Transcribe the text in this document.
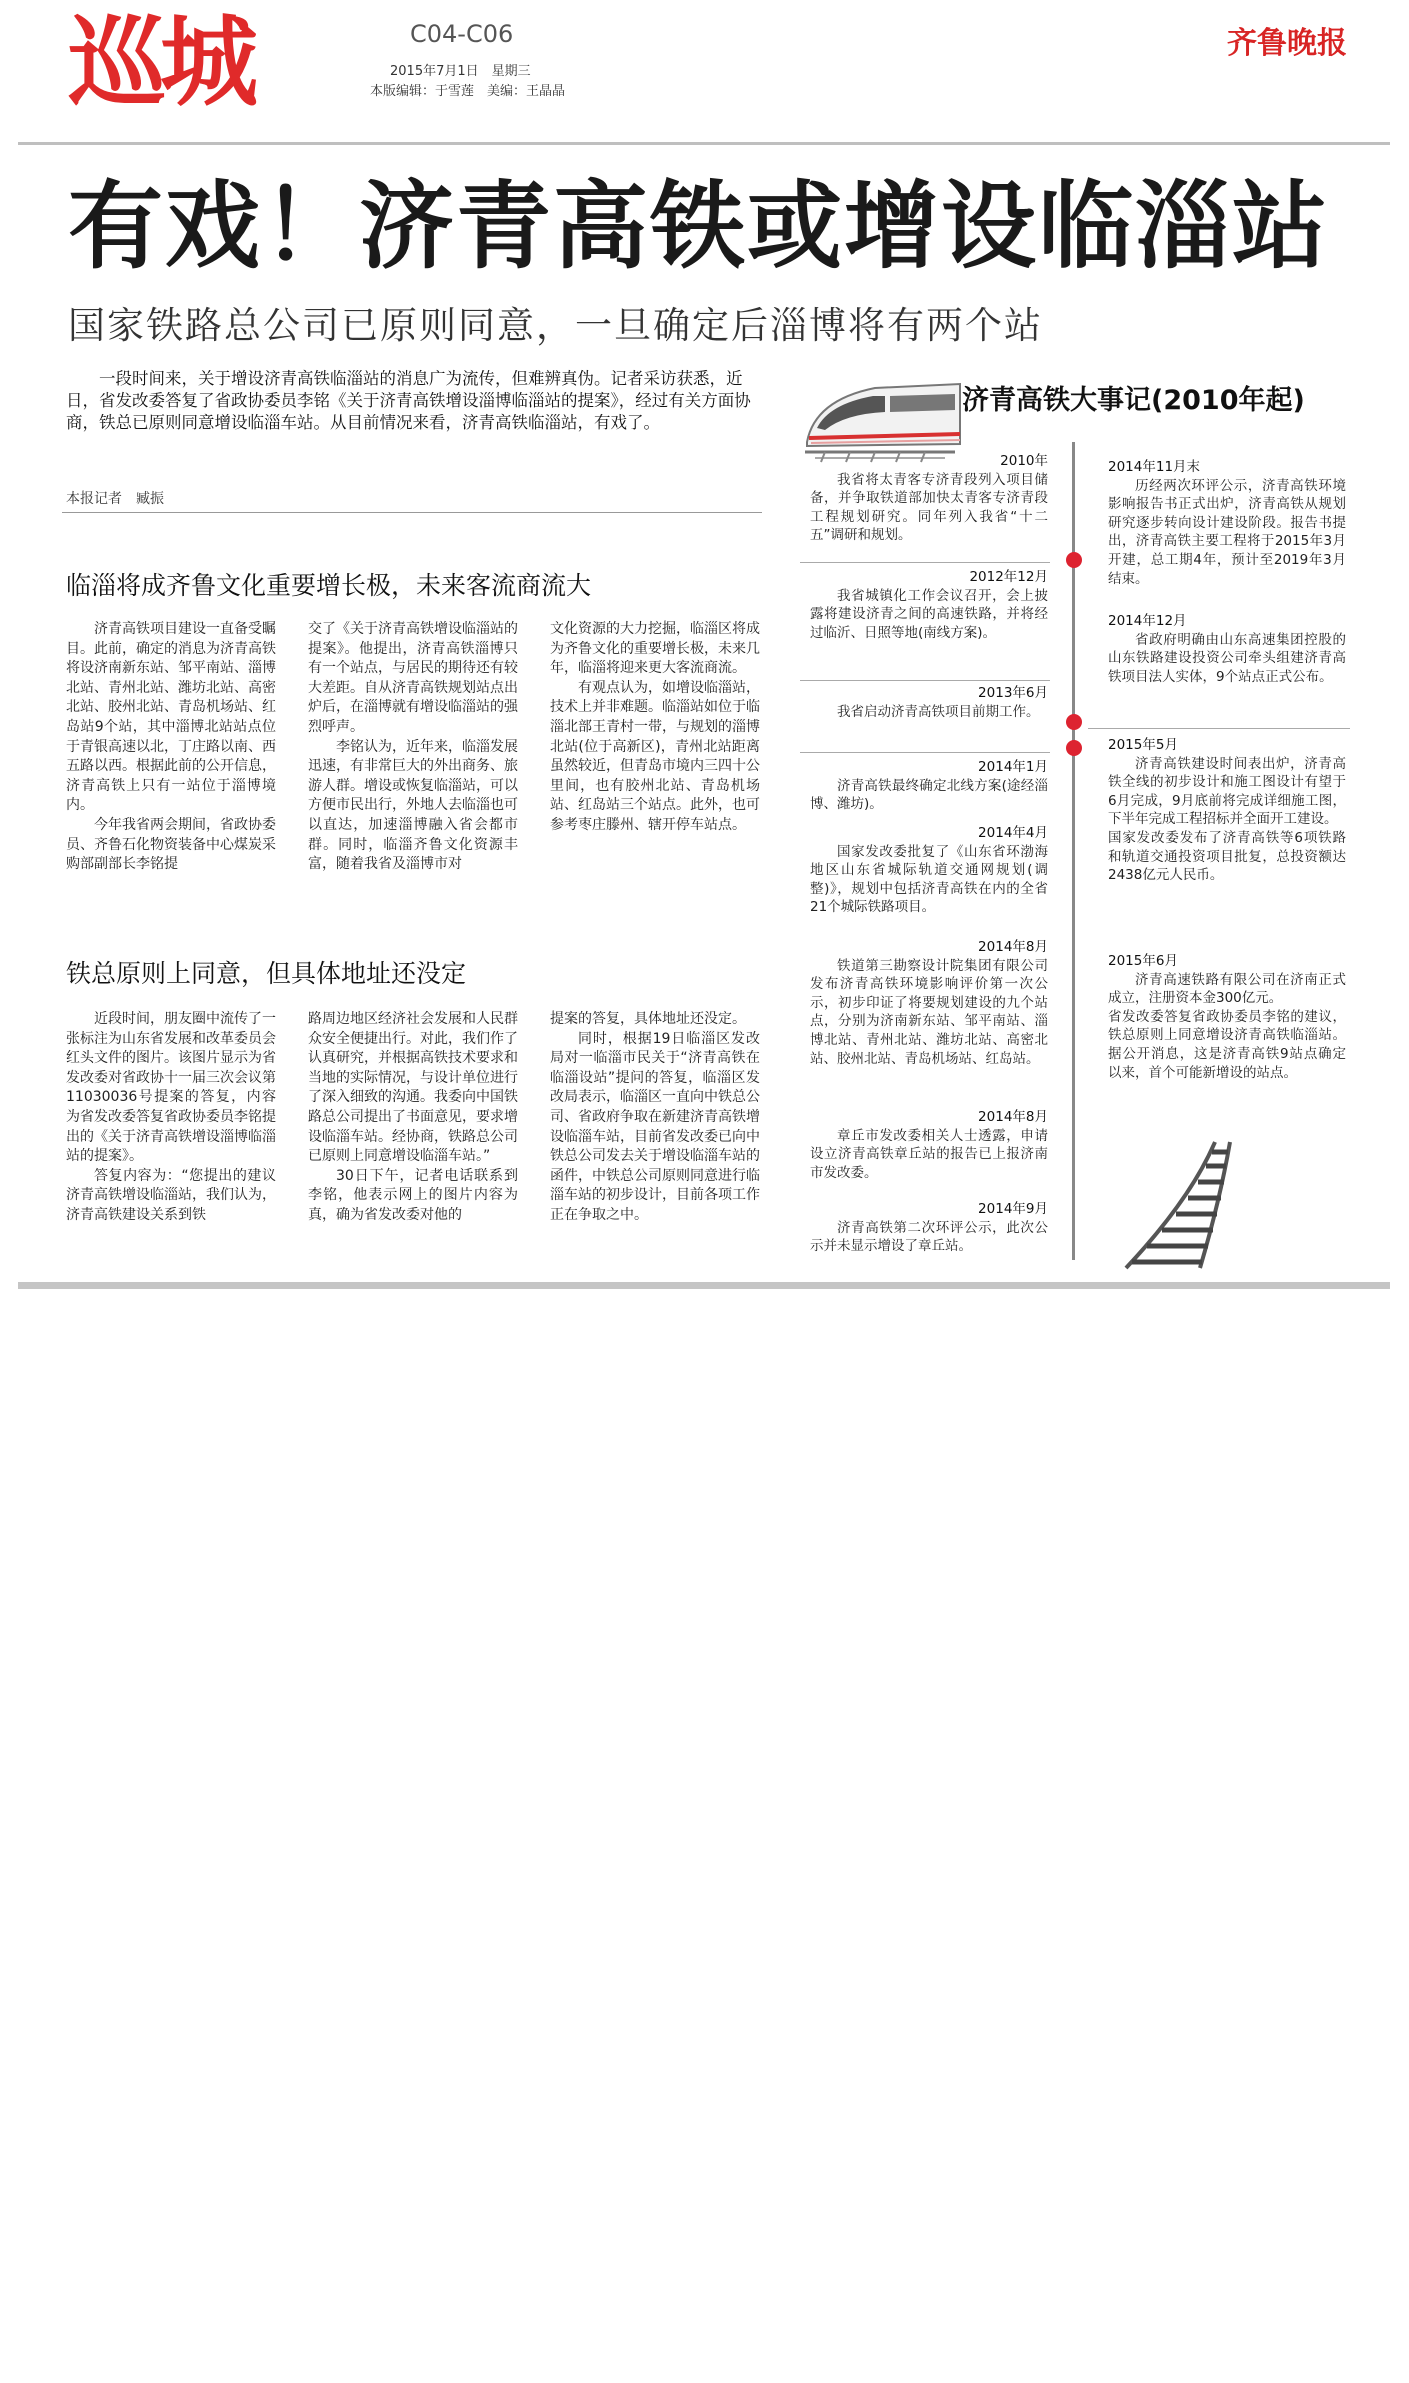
巡城	C04-C06
2015年7月1日　星期三
本版编辑：于雪莲　美编：王晶晶
齐鲁晚报
有戏！济青高铁或增设临淄站
国家铁路总公司已原则同意，一旦确定后淄博将有两个站

一段时间来，关于增设济青高铁临淄站的消息广为流传，但难辨真伪。记者采访获悉，近日，省发改委答复了省政协委员李铭《关于济青高铁增设淄博临淄站的提案》，经过有关方面协商，铁总已原则同意增设临淄车站。从目前情况来看，济青高铁临淄站，有戏了。

本报记者　臧振
临淄将成齐鲁文化重要增长极，未来客流商流大

济青高铁项目建设一直备受瞩目。此前，确定的消息为济青高铁将设济南新东站、邹平南站、淄博北站、青州北站、潍坊北站、高密北站、胶州北站、青岛机场站、红岛站9个站，其中淄博北站站点位于青银高速以北，丁庄路以南、西五路以西。根据此前的公开信息，济青高铁上只有一站位于淄博境内。

今年我省两会期间，省政协委员、齐鲁石化物资装备中心煤炭采购部副部长李铭提

交了《关于济青高铁增设临淄站的提案》。他提出，济青高铁淄博只有一个站点，与居民的期待还有较大差距。自从济青高铁规划站点出炉后，在淄博就有增设临淄站的强烈呼声。

李铭认为，近年来，临淄发展迅速，有非常巨大的外出商务、旅游人群。增设或恢复临淄站，可以方便市民出行，外地人去临淄也可以直达，加速淄博融入省会都市群。同时，临淄齐鲁文化资源丰富，随着我省及淄博市对

文化资源的大力挖掘，临淄区将成为齐鲁文化的重要增长极，未来几年，临淄将迎来更大客流商流。

有观点认为，如增设临淄站，技术上并非难题。临淄站如位于临淄北部王青村一带，与规划的淄博北站(位于高新区)，青州北站距离虽然较近，但青岛市境内三四十公里间，也有胶州北站、青岛机场站、红岛站三个站点。此外，也可参考枣庄滕州、辖开停车站点。

铁总原则上同意，但具体地址还没定

近段时间，朋友圈中流传了一张标注为山东省发展和改革委员会红头文件的图片。该图片显示为省发改委对省政协十一届三次会议第11030036号提案的答复，内容为省发改委答复省政协委员李铭提出的《关于济青高铁增设淄博临淄站的提案》。

答复内容为：“您提出的建议济青高铁增设临淄站，我们认为，济青高铁建设关系到铁

路周边地区经济社会发展和人民群众安全便捷出行。对此，我们作了认真研究，并根据高铁技术要求和当地的实际情况，与设计单位进行了深入细致的沟通。我委向中国铁路总公司提出了书面意见，要求增设临淄车站。经协商，铁路总公司已原则上同意增设临淄车站。”

30日下午，记者电话联系到李铭，他表示网上的图片内容为真，确为省发改委对他的

提案的答复，具体地址还没定。

同时，根据19日临淄区发改局对一临淄市民关于“济青高铁在临淄设站”提问的答复，临淄区发改局表示，临淄区一直向中铁总公司、省政府争取在新建济青高铁增设临淄车站，目前省发改委已向中铁总公司发去关于增设临淄车站的函件，中铁总公司原则同意进行临淄车站的初步设计，目前各项工作正在争取之中。

济青高铁大事记(2010年起)
2010年

我省将太青客专济青段列入项目储备，并争取铁道部加快太青客专济青段工程规划研究。同年列入我省“十二五”调研和规划。

2012年12月

我省城镇化工作会议召开，会上披露将建设济青之间的高速铁路，并将经过临沂、日照等地(南线方案)。

2013年6月

我省启动济青高铁项目前期工作。

2014年1月

济青高铁最终确定北线方案(途经淄博、潍坊)。

2014年4月

国家发改委批复了《山东省环渤海地区山东省城际轨道交通网规划(调整)》，规划中包括济青高铁在内的全省21个城际铁路项目。

2014年8月

铁道第三勘察设计院集团有限公司发布济青高铁环境影响评价第一次公示，初步印证了将要规划建设的九个站点，分别为济南新东站、邹平南站、淄博北站、青州北站、潍坊北站、高密北站、胶州北站、青岛机场站、红岛站。

2014年8月

章丘市发改委相关人士透露，申请设立济青高铁章丘站的报告已上报济南市发改委。

2014年9月

济青高铁第二次环评公示，此次公示并未显示增设了章丘站。

2014年11月末

历经两次环评公示，济青高铁环境影响报告书正式出炉，济青高铁从规划研究逐步转向设计建设阶段。报告书提出，济青高铁主要工程将于2015年3月开建，总工期4年，预计至2019年3月结束。

2014年12月

省政府明确由山东高速集团控股的山东铁路建设投资公司牵头组建济青高铁项目法人实体，9个站点正式公布。

2015年5月

济青高铁建设时间表出炉，济青高铁全线的初步设计和施工图设计有望于6月完成，9月底前将完成详细施工图，下半年完成工程招标并全面开工建设。
国家发改委发布了济青高铁等6项铁路和轨道交通投资项目批复，总投资额达2438亿元人民币。

2015年6月

济青高速铁路有限公司在济南正式成立，注册资本金300亿元。
省发改委答复省政协委员李铭的建议，铁总原则上同意增设济青高铁临淄站。据公开消息，这是济青高铁9站点确定以来，首个可能新增设的站点。
